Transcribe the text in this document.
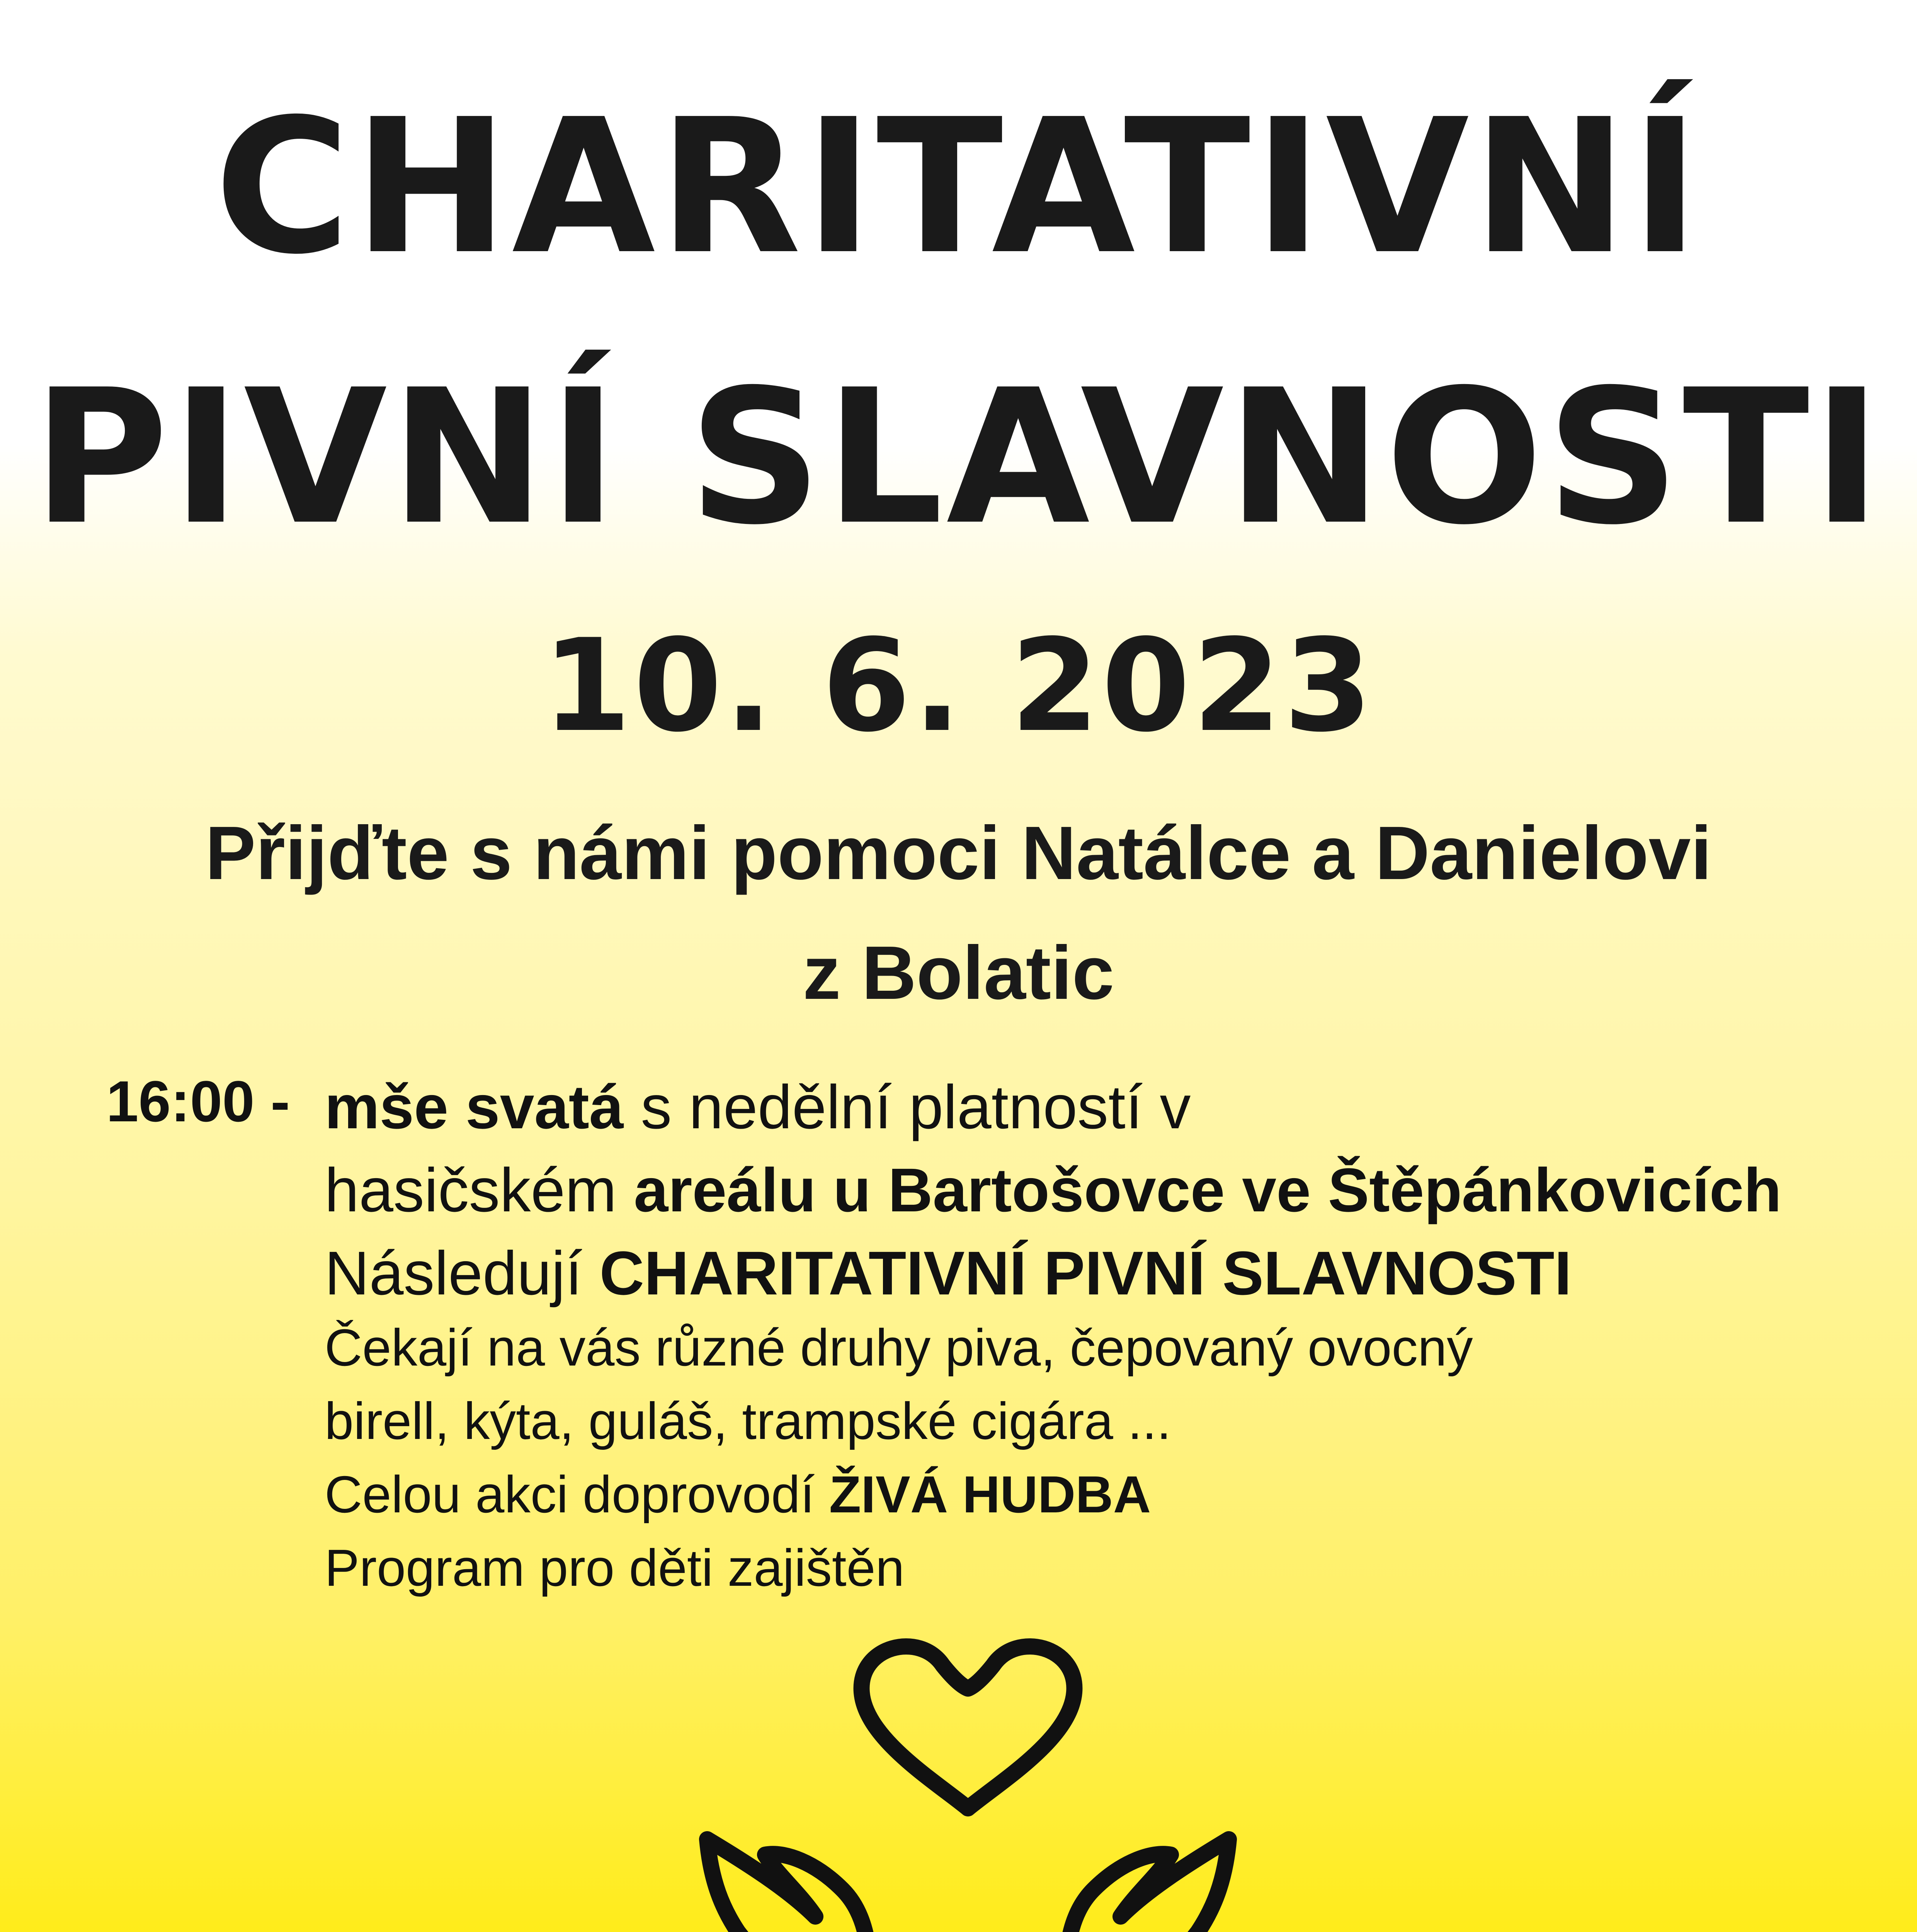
CHARITATIVNÍ
PIVNÍ SLAVNOSTI
10. 6. 2023
Přijďte s námi pomoci Natálce a Danielovi
z Bolatic
16:00 - mše svatá s nedělní platností v
hasičském areálu u Bartošovce ve Štěpánkovicích
Následují CHARITATIVNÍ PIVNÍ SLAVNOSTI
Čekají na vás různé druhy piva, čepovaný ovocný
birell, kýta, guláš, trampské cigára ...
Celou akci doprovodí ŽIVÁ HUDBA
Program pro děti zajištěn
